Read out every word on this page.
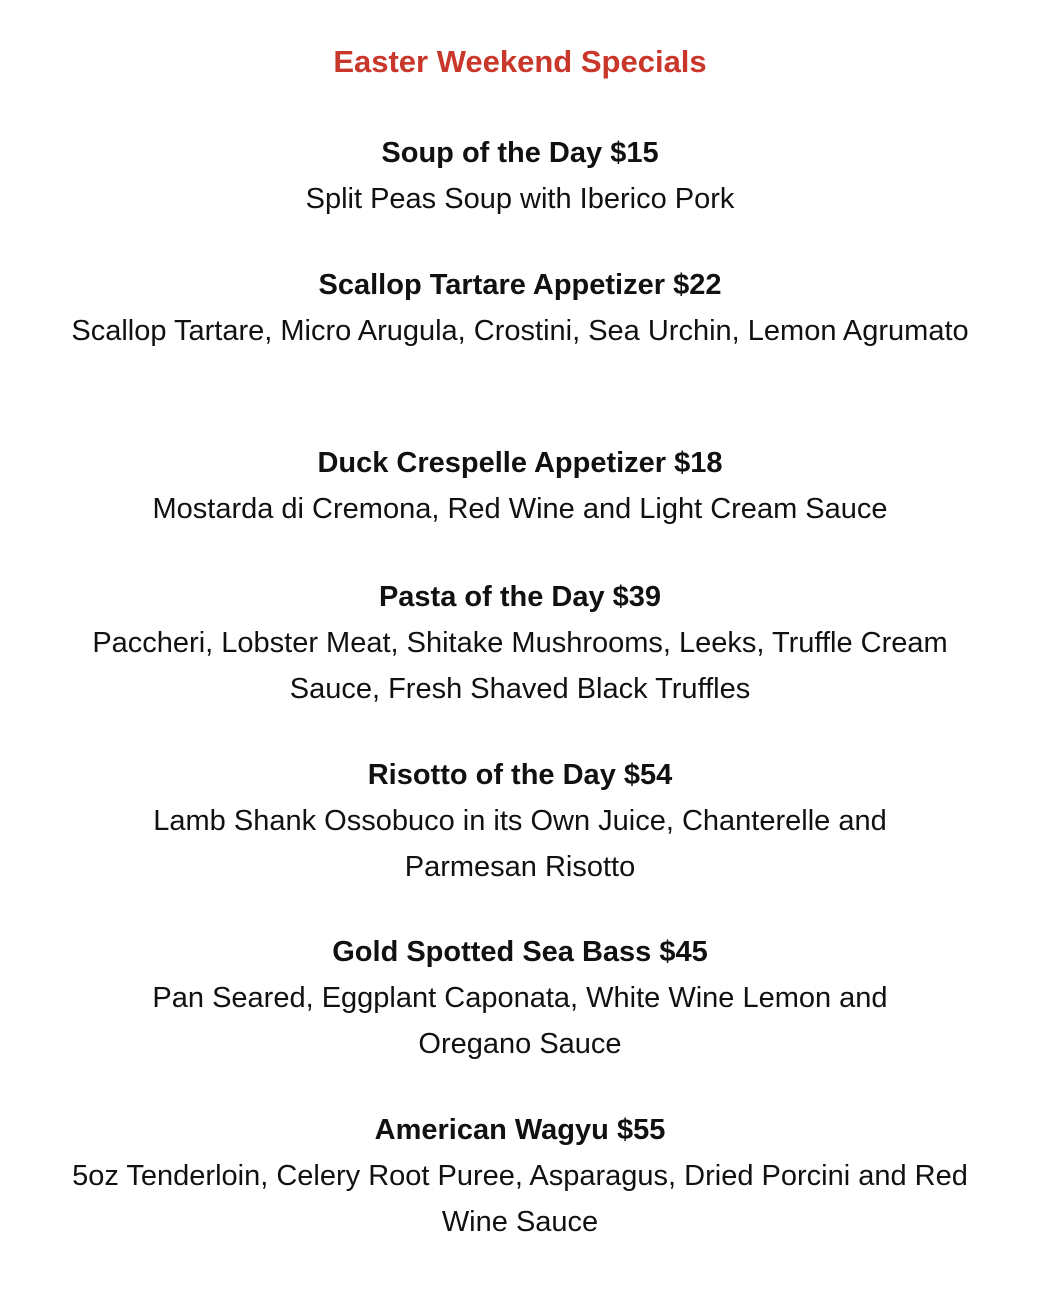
Easter Weekend Specials

Soup of the Day $15

Split Peas Soup with Iberico Pork

Scallop Tartare Appetizer $22

Scallop Tartare, Micro Arugula, Crostini, Sea Urchin, Lemon Agrumato

Duck Crespelle Appetizer $18

Mostarda di Cremona, Red Wine and Light Cream Sauce

Pasta of the Day $39

Paccheri, Lobster Meat, Shitake Mushrooms, Leeks, Truffle Cream Sauce, Fresh Shaved Black Truffles

Risotto of the Day $54

Lamb Shank Ossobuco in its Own Juice, Chanterelle and Parmesan Risotto

Gold Spotted Sea Bass $45

Pan Seared, Eggplant Caponata, White Wine Lemon and Oregano Sauce

American Wagyu $55

5oz Tenderloin, Celery Root Puree, Asparagus, Dried Porcini and Red Wine Sauce
